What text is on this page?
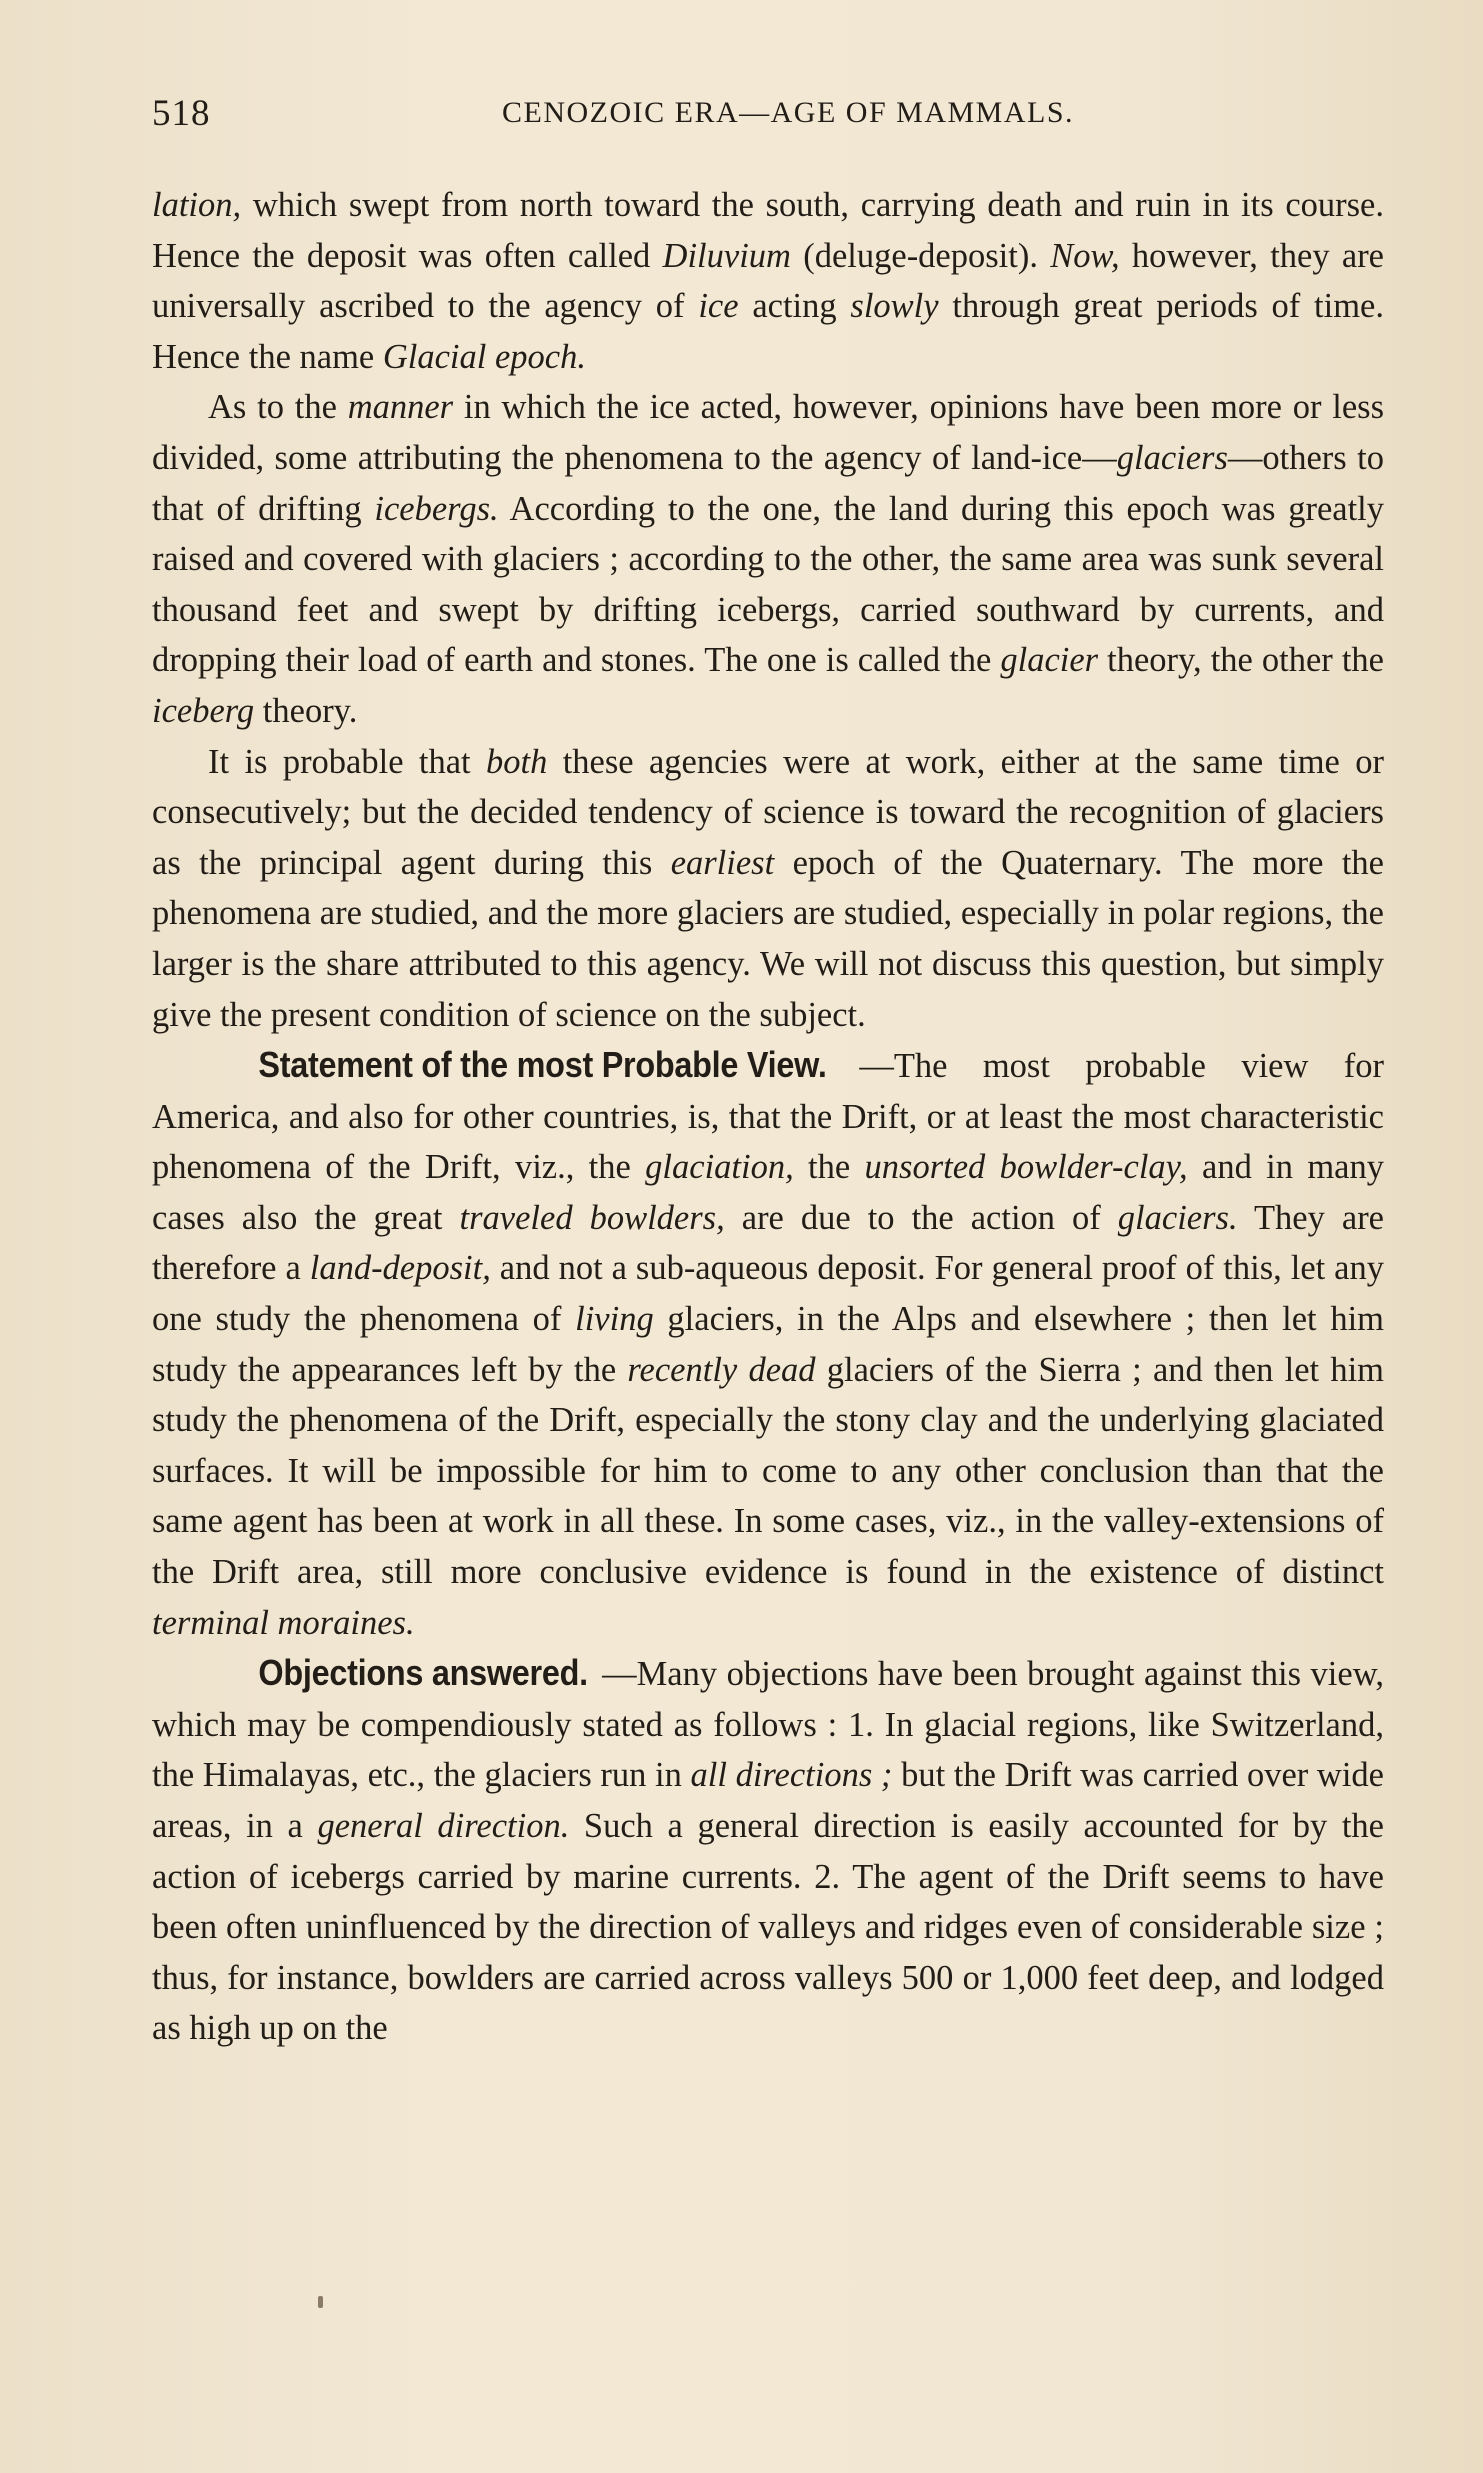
518	CENOZOIC ERA—AGE OF MAMMALS.

lation, which swept from north toward the south, carrying death and ruin in its course. Hence the deposit was often called Diluvium (deluge-deposit). Now, however, they are universally ascribed to the agency of ice acting slowly through great periods of time. Hence the name Glacial epoch.

As to the manner in which the ice acted, however, opinions have been more or less divided, some attributing the phenomena to the agency of land-ice—glaciers—others to that of drifting icebergs. According to the one, the land during this epoch was greatly raised and covered with glaciers ; according to the other, the same area was sunk several thousand feet and swept by drifting icebergs, carried southward by currents, and dropping their load of earth and stones. The one is called the glacier theory, the other the iceberg theory.

It is probable that both these agencies were at work, either at the same time or consecutively; but the decided tendency of science is toward the recognition of glaciers as the principal agent during this earliest epoch of the Quaternary. The more the phenomena are studied, and the more glaciers are studied, especially in polar regions, the larger is the share attributed to this agency. We will not discuss this question, but simply give the present condition of science on the subject.

Statement of the most Probable View. —The most probable view for America, and also for other countries, is, that the Drift, or at least the most characteristic phenomena of the Drift, viz., the glaciation, the unsorted bowlder-clay, and in many cases also the great traveled bowlders, are due to the action of glaciers. They are therefore a land-deposit, and not a sub-aqueous deposit. For general proof of this, let any one study the phenomena of living glaciers, in the Alps and elsewhere ; then let him study the appearances left by the recently dead glaciers of the Sierra ; and then let him study the phenomena of the Drift, especially the stony clay and the underlying glaciated surfaces. It will be impossible for him to come to any other conclusion than that the same agent has been at work in all these. In some cases, viz., in the valley-extensions of the Drift area, still more conclusive evidence is found in the existence of distinct terminal moraines.

Objections answered. —Many objections have been brought against this view, which may be compendiously stated as follows : 1. In glacial regions, like Switzerland, the Himalayas, etc., the glaciers run in all directions ; but the Drift was carried over wide areas, in a general direction. Such a general direction is easily accounted for by the action of icebergs carried by marine currents. 2. The agent of the Drift seems to have been often uninfluenced by the direction of valleys and ridges even of considerable size ; thus, for instance, bowlders are carried across valleys 500 or 1,000 feet deep, and lodged as high up on the
